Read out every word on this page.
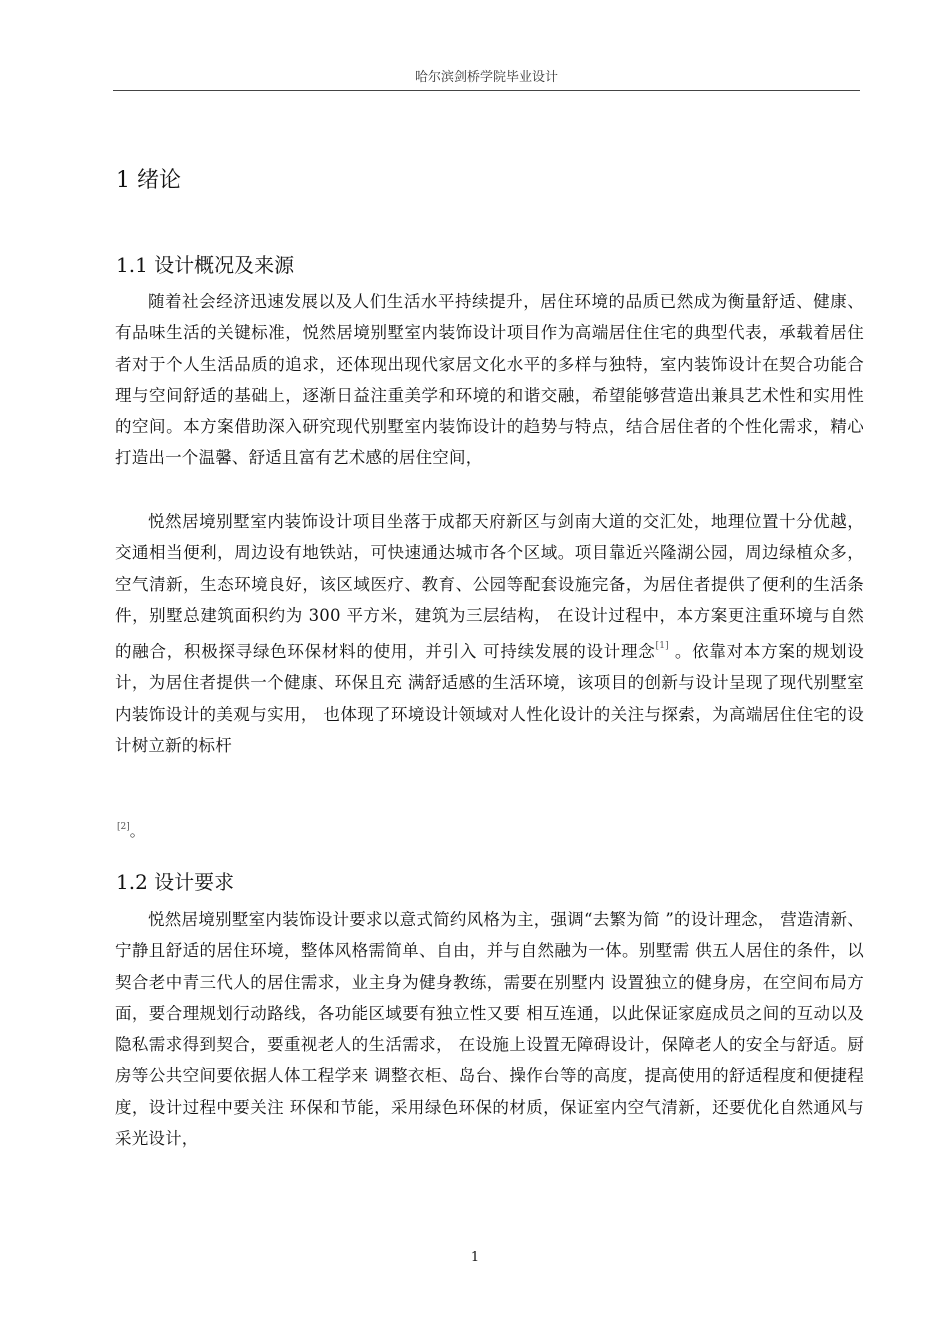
哈尔滨剑桥学院毕业设计
1 绪论
1.1 设计概况及来源

随着社会经济迅速发展以及人们生活水平持续提升，居住环境的品质已然成为衡量舒适、健康、有品味生活的关键标准，悦然居境别墅室内装饰设计项目作为高端居住住宅的典型代表，承载着居住者对于个人生活品质的追求，还体现出现代家居文化水平的多样与独特，室内装饰设计在契合功能合理与空间舒适的基础上，逐渐日益注重美学和环境的和谐交融，希望能够营造出兼具艺术性和实用性的空间。本方案借助深入研究现代别墅室内装饰设计的趋势与特点，结合居住者的个性化需求，精心打造出一个温馨、舒适且富有艺术感的居住空间，

悦然居境别墅室内装饰设计项目坐落于成都天府新区与剑南大道的交汇处，地理位置十分优越，交通相当便利，周边设有地铁站，可快速通达城市各个区域。项目靠近兴隆湖公园，周边绿植众多，空气清新，生态环境良好，该区域医疗、教育、公园等配套设施完备，为居住者提供了便利的生活条件，别墅总建筑面积约为 300 平方米，建筑为三层结构， 在设计过程中，本方案更注重环境与自然的融合，积极探寻绿色环保材料的使用，并引入 可持续发展的设计理念[1] 。依靠对本方案的规划设计，为居住者提供一个健康、环保且充 满舒适感的生活环境，该项目的创新与设计呈现了现代别墅室内装饰设计的美观与实用， 也体现了环境设计领域对人性化设计的关注与探索，为高端居住住宅的设计树立新的标杆

[2]。
1.2 设计要求

悦然居境别墅室内装饰设计要求以意式简约风格为主，强调“去繁为简 ”的设计理念， 营造清新、宁静且舒适的居住环境，整体风格需简单、自由，并与自然融为一体。别墅需 供五人居住的条件，以契合老中青三代人的居住需求，业主身为健身教练，需要在别墅内 设置独立的健身房，在空间布局方面，要合理规划行动路线，各功能区域要有独立性又要 相互连通，以此保证家庭成员之间的互动以及隐私需求得到契合，要重视老人的生活需求， 在设施上设置无障碍设计，保障老人的安全与舒适。厨房等公共空间要依据人体工程学来 调整衣柜、岛台、操作台等的高度，提高使用的舒适程度和便捷程度，设计过程中要关注 环保和节能，采用绿色环保的材质，保证室内空气清新，还要优化自然通风与采光设计，

1
